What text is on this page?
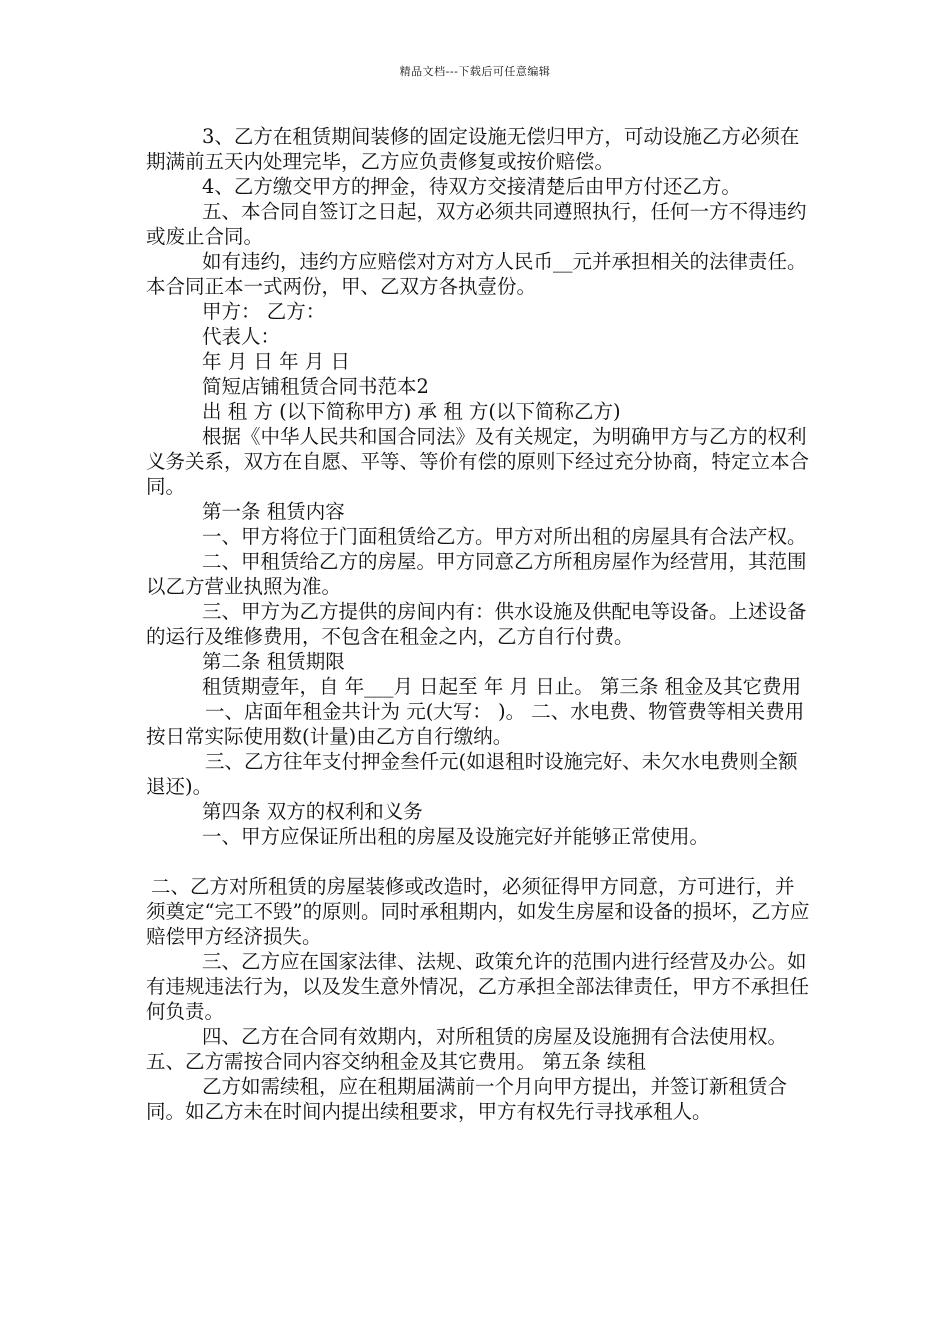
精品文档---下载后可任意编辑

3、乙方在租赁期间装修的固定设施无偿归甲方，可动设施乙方必须在期满前五天内处理完毕，乙方应负责修复或按价赔偿。

4、乙方缴交甲方的押金，待双方交接清楚后由甲方付还乙方。

五、本合同自签订之日起，双方必须共同遵照执行，任何一方不得违约或废止合同。

如有违约，违约方应赔偿对方对方人民币__元并承担相关的法律责任。

本合同正本一式两份，甲、乙双方各执壹份。

甲方： 乙方：

代表人：

年 月 日 年 月 日

简短店铺租赁合同书范本2

出 租 方 (以下简称甲方) 承 租 方(以下简称乙方)

根据《中华人民共和国合同法》及有关规定，为明确甲方与乙方的权利义务关系，双方在自愿、平等、等价有偿的原则下经过充分协商，特定立本合同。

第一条 租赁内容

一、甲方将位于门面租赁给乙方。甲方对所出租的房屋具有合法产权。

二、甲租赁给乙方的房屋。甲方同意乙方所租房屋作为经营用，其范围以乙方营业执照为准。

三、甲方为乙方提供的房间内有：供水设施及供配电等设备。上述设备的运行及维修费用，不包含在租金之内，乙方自行付费。

第二条 租赁期限

租赁期壹年，自 年___月 日起至 年 月 日止。 第三条 租金及其它费用

一、店面年租金共计为 元(大写： )。 二、水电费、物管费等相关费用按日常实际使用数(计量)由乙方自行缴纳。

三、乙方往年支付押金叁仟元(如退租时设施完好、未欠水电费则全额退还)。

第四条 双方的权利和义务

一、甲方应保证所出租的房屋及设施完好并能够正常使用。

二、乙方对所租赁的房屋装修或改造时，必须征得甲方同意，方可进行，并须奠定“完工不毁”的原则。同时承租期内，如发生房屋和设备的损坏，乙方应赔偿甲方经济损失。

三、乙方应在国家法律、法规、政策允许的范围内进行经营及办公。如有违规违法行为，以及发生意外情况，乙方承担全部法律责任，甲方不承担任何负责。

四、乙方在合同有效期内，对所租赁的房屋及设施拥有合法使用权。 五、乙方需按合同内容交纳租金及其它费用。 第五条 续租

乙方如需续租，应在租期届满前一个月向甲方提出，并签订新租赁合同。如乙方未在时间内提出续租要求，甲方有权先行寻找承租人。
